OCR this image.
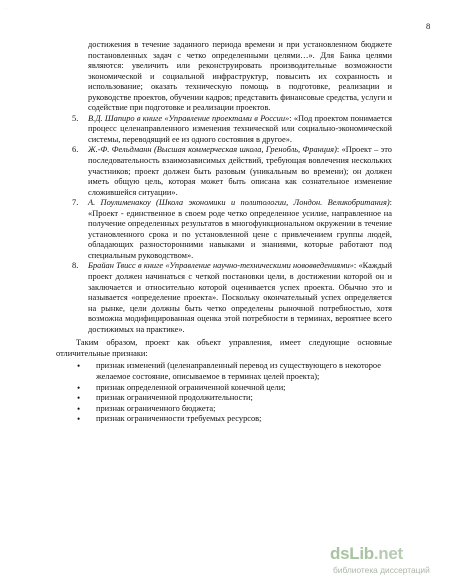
·
8

достижения в течение заданного периода времени и при установленном бюджете постановленных задач с четко определенными целями…». Для Банка целями являются: увеличить или реконструировать производительные возможности экономической и социальной инфраструктур, повысить их сохранность и использование; оказать техническую помощь в подготовке, реализации и руководстве проектов, обучении кадров; представить финансовые средства, услуги и содействие при подготовке и реализации проектов.

5. В.Д. Шапиро в книге «Управление проектами в России»: «Под проектом понимается процесс целенаправленного изменения технической или социально-экономической системы, переводящий ее из одного состояния в другое».
6. Ж.-Ф. Фельдманн (Высшая коммерческая школа, Гренобль, Франция): «Проект – это последовательность взаимозависимых действий, требующая вовлечения нескольких участников; проект должен быть разовым (уникальным во времени); он должен иметь общую цель, которая может быть описана как сознательное изменение сложившейся ситуации».
7. А. Поулименакоу (Школа экономики и политологии, Лондон. Великобритания): «Проект - единственное в своем роде четко определенное усилие, направленное на получение определенных результатов в многофункциональном окружении в течение установленного срока и по установленной цене с привлечением группы людей, обладающих разносторонними навыками и знаниями, которые работают под специальным руководством».
8. Брайан Твисс в книге «Управление научно-техническими нововведениями»: «Каждый проект должен начинаться с четкой постановки цели, в достижении которой он и заключается и относительно которой оценивается успех проекта. Обычно это и называется «определение проекта». Поскольку окончательный успех определяется на рынке, цели должны быть четко определены рыночной потребностью, хотя возможна модифицированная оценка этой потребности в терминах, вероятнее всего достижимых на практике».

Таким образом, проект как объект управления, имеет следующие основные отличительные признаки:

• признак изменений (целенаправленный перевод из существующего в некоторое желаемое состояние, описываемое в терминах целей проекта);
• признак определенной ограниченной конечной цели;
• признак ограниченной продолжительности;
• признак ограниченного бюджета;
• признак ограниченности требуемых ресурсов;
dsLib.net
библиотека диссертаций
